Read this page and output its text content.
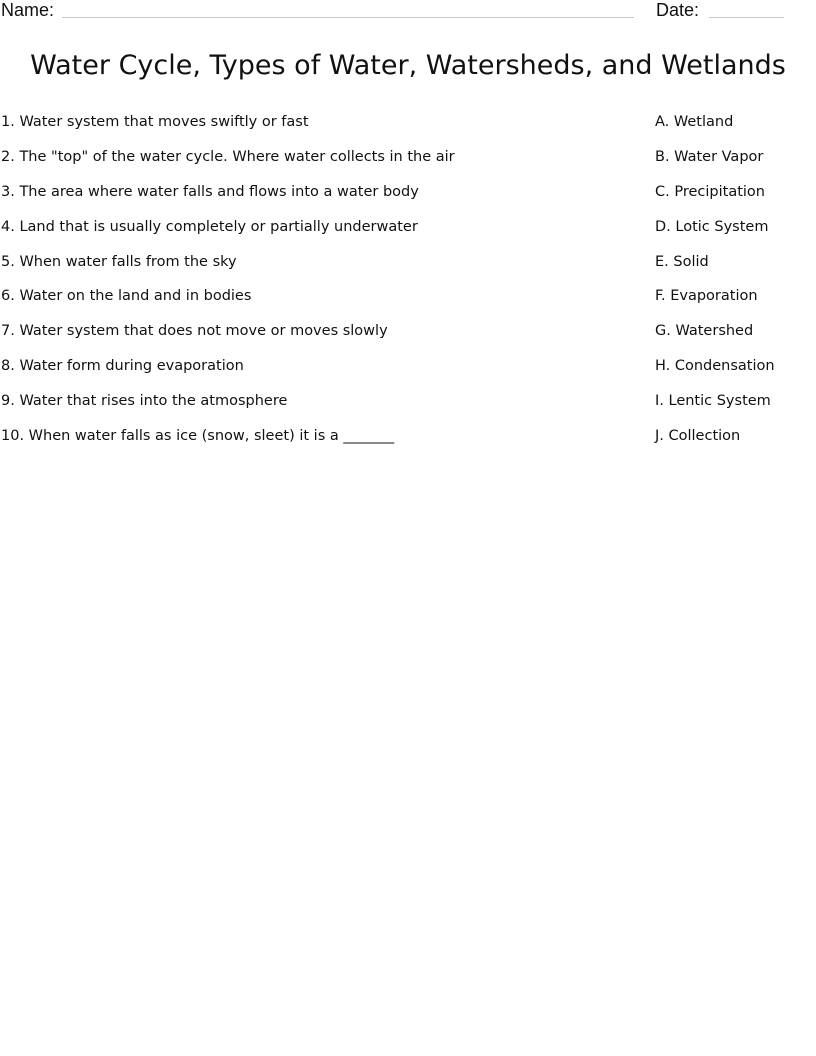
Name:	Date:
Water Cycle, Types of Water, Watersheds, and Wetlands
1. Water system that moves swiftly or fast
2. The "top" of the water cycle. Where water collects in the air
3. The area where water falls and flows into a water body
4. Land that is usually completely or partially underwater
5. When water falls from the sky
6. Water on the land and in bodies
7. Water system that does not move or moves slowly
8. Water form during evaporation
9. Water that rises into the atmosphere
10. When water falls as ice (snow, sleet) it is a _______
A. Wetland
B. Water Vapor
C. Precipitation
D. Lotic System
E. Solid
F. Evaporation
G. Watershed
H. Condensation
I. Lentic System
J. Collection
